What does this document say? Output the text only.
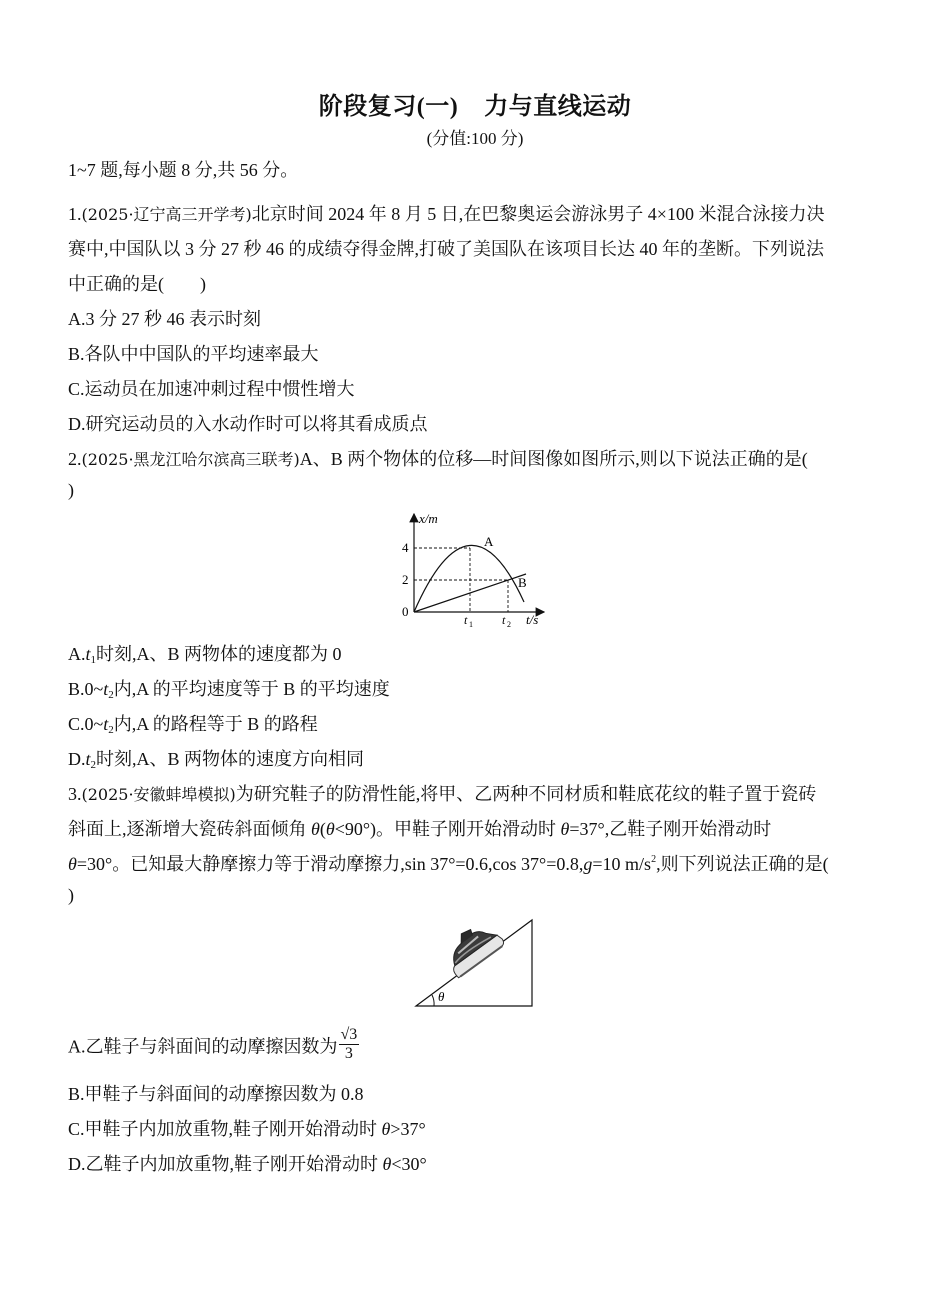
阶段复习(一) 力与直线运动
(分值:100 分)
1~7 题,每小题 8 分,共 56 分。
1.(2025·辽宁高三开学考)北京时间 2024 年 8 月 5 日,在巴黎奥运会游泳男子 4×100 米混合泳接力决
赛中,中国队以 3 分 27 秒 46 的成绩夺得金牌,打破了美国队在该项目长达 40 年的垄断。下列说法
中正确的是(　　)
A.3 分 27 秒 46 表示时刻
B.各队中中国队的平均速率最大
C.运动员在加速冲刺过程中惯性增大
D.研究运动员的入水动作时可以将其看成质点
2.(2025·黑龙江哈尔滨高三联考)A、B 两个物体的位移—时间图像如图所示,则以下说法正确的是(
)
x/m
t/s
4
2
0
A
B
t 1 t 2
$A.t_1$时刻,A、B 两物体的速度都为 0
$B.0\sim t_2$内,A 的平均速度等于 B 的平均速度
$C.0\sim t_2$内,A 的路程等于 B 的路程
$D.t_2$时刻,A、B 两物体的速度方向相同
3.(2025·安徽蚌埠模拟)为研究鞋子的防滑性能,将甲、乙两种不同材质和鞋底花纹的鞋子置于瓷砖
斜面上,逐渐增大瓷砖斜面倾角 θ(θ<90°)。甲鞋子刚开始滑动时 θ=37°,乙鞋子刚开始滑动时
θ=30°。已知最大静摩擦力等于滑动摩擦力,sin 37°=0.6,cos 37°=0.8,g=10 $m/s^2$,则下列说法正确的是(
)
θ
A.乙鞋子与斜面间的动摩擦因数为 $\frac{√3}{3}$
B.甲鞋子与斜面间的动摩擦因数为 0.8
C.甲鞋子内加放重物,鞋子刚开始滑动时 θ>37°
D.乙鞋子内加放重物,鞋子刚开始滑动时 θ<30°
